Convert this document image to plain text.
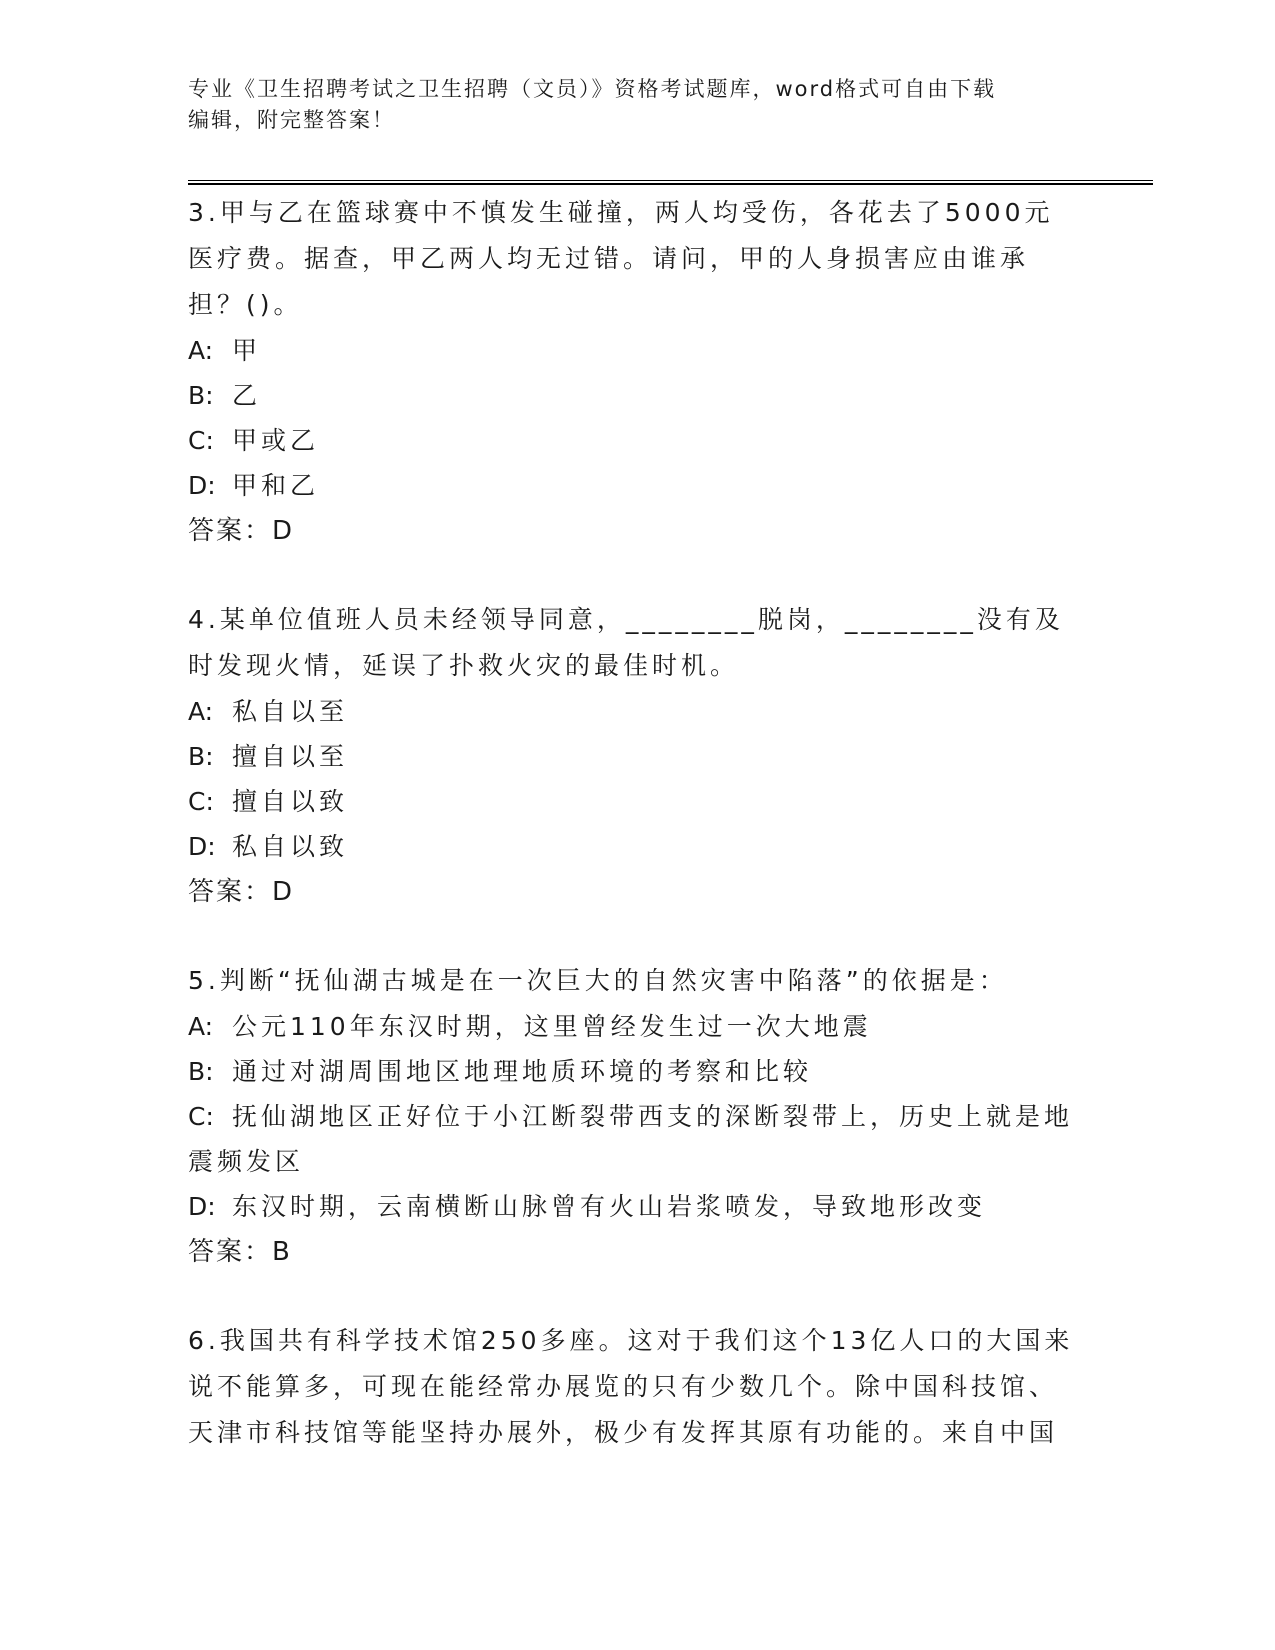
专业《卫生招聘考试之卫生招聘（文员）》资格考试题库，word格式可自由下载
编辑，附完整答案！

3.甲与乙在篮球赛中不慎发生碰撞，两人均受伤，各花去了5000元医疗费。据查，甲乙两人均无过错。请问，甲的人身损害应由谁承担？()。

A: 甲

B: 乙

C: 甲或乙

D: 甲和乙

答案：D

4.某单位值班人员未经领导同意，________脱岗，________没有及时发现火情，延误了扑救火灾的最佳时机。

A: 私自以至

B: 擅自以至

C: 擅自以致

D: 私自以致

答案：D

5.判断“抚仙湖古城是在一次巨大的自然灾害中陷落”的依据是：

A: 公元110年东汉时期，这里曾经发生过一次大地震

B: 通过对湖周围地区地理地质环境的考察和比较

C: 抚仙湖地区正好位于小江断裂带西支的深断裂带上，历史上就是地震频发区

D: 东汉时期，云南横断山脉曾有火山岩浆喷发，导致地形改变

答案：B

6.我国共有科学技术馆250多座。这对于我们这个13亿人口的大国来说不能算多，可现在能经常办展览的只有少数几个。除中国科技馆、天津市科技馆等能坚持办展外，极少有发挥其原有功能的。来自中国
